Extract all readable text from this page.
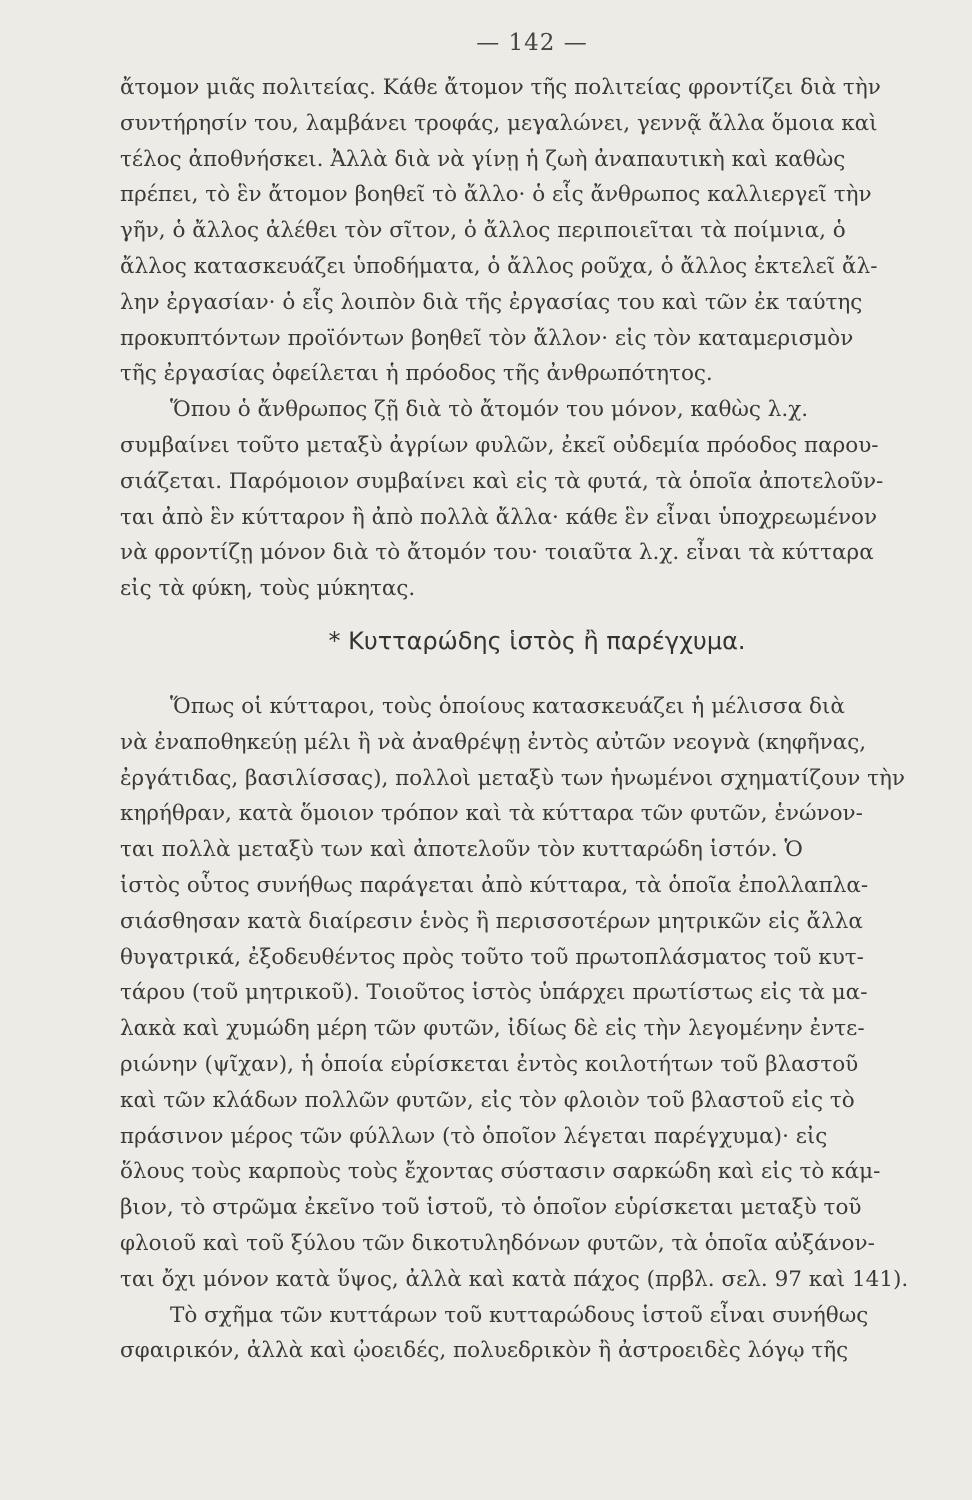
— 142 —

ἄτομον μιᾶς πολιτείας. Κάθε ἄτομον τῆς πολιτείας φροντίζει διὰ τὴν
συντήρησίν του, λαμβάνει τροφάς, μεγαλώνει, γεννᾷ ἄλλα ὅμοια καὶ
τέλος ἀποθνήσκει. Ἀλλὰ διὰ νὰ γίνῃ ἡ ζωὴ ἀναπαυτικὴ καὶ καθὼς
πρέπει, τὸ ἓν ἄτομον βοηθεῖ τὸ ἄλλο· ὁ εἷς ἄνθρωπος καλλιεργεῖ τὴν
γῆν, ὁ ἄλλος ἀλέθει τὸν σῖτον, ὁ ἄλλος περιποιεῖται τὰ ποίμνια, ὁ
ἄλλος κατασκευάζει ὑποδήματα, ὁ ἄλλος ροῦχα, ὁ ἄλλος ἐκτελεῖ ἄλ-
λην ἐργασίαν· ὁ εἷς λοιπὸν διὰ τῆς ἐργασίας του καὶ τῶν ἐκ ταύτης
προκυπτόντων προϊόντων βοηθεῖ τὸν ἄλλον· εἰς τὸν καταμερισμὸν
τῆς ἐργασίας ὀφείλεται ἡ πρόοδος τῆς ἀνθρωπότητος.

Ὅπου ὁ ἄνθρωπος ζῇ διὰ τὸ ἄτομόν του μόνον, καθὼς λ.χ.
συμβαίνει τοῦτο μεταξὺ ἀγρίων φυλῶν, ἐκεῖ οὐδεμία πρόοδος παρου-
σιάζεται. Παρόμοιον συμβαίνει καὶ εἰς τὰ φυτά, τὰ ὁποῖα ἀποτελοῦν-
ται ἀπὸ ἓν κύτταρον ἢ ἀπὸ πολλὰ ἄλλα· κάθε ἓν εἶναι ὑποχρεωμένον
νὰ φροντίζῃ μόνον διὰ τὸ ἄτομόν του· τοιαῦτα λ.χ. εἶναι τὰ κύτταρα
εἰς τὰ φύκη, τοὺς μύκητας.

* Κυτταρώδης ἱστὸς ἢ παρέγχυμα.

Ὅπως οἱ κύτταροι, τοὺς ὁποίους κατασκευάζει ἡ μέλισσα διὰ
νὰ ἐναποθηκεύῃ μέλι ἢ νὰ ἀναθρέψῃ ἐντὸς αὐτῶν νεογνὰ (κηφῆνας,
ἐργάτιδας, βασιλίσσας), πολλοὶ μεταξὺ των ἡνωμένοι σχηματίζουν τὴν
κηρήθραν, κατὰ ὅμοιον τρόπον καὶ τὰ κύτταρα τῶν φυτῶν, ἑνώνον-
ται πολλὰ μεταξὺ των καὶ ἀποτελοῦν τὸν κυτταρώδη ἱστόν. Ὁ
ἱστὸς οὗτος συνήθως παράγεται ἀπὸ κύτταρα, τὰ ὁποῖα ἐπολλαπλα-
σιάσθησαν κατὰ διαίρεσιν ἑνὸς ἢ περισσοτέρων μητρικῶν εἰς ἄλλα
θυγατρικά, ἐξοδευθέντος πρὸς τοῦτο τοῦ πρωτοπλάσματος τοῦ κυτ-
τάρου (τοῦ μητρικοῦ). Τοιοῦτος ἱστὸς ὑπάρχει πρωτίστως εἰς τὰ μα-
λακὰ καὶ χυμώδη μέρη τῶν φυτῶν, ἰδίως δὲ εἰς τὴν λεγομένην ἐντε-
ριώνην (ψῖχαν), ἡ ὁποία εὑρίσκεται ἐντὸς κοιλοτήτων τοῦ βλαστοῦ
καὶ τῶν κλάδων πολλῶν φυτῶν, εἰς τὸν φλοιὸν τοῦ βλαστοῦ εἰς τὸ
πράσινον μέρος τῶν φύλλων (τὸ ὁποῖον λέγεται παρέγχυμα)· εἰς
ὅλους τοὺς καρποὺς τοὺς ἔχοντας σύστασιν σαρκώδη καὶ εἰς τὸ κάμ-
βιον, τὸ στρῶμα ἐκεῖνο τοῦ ἱστοῦ, τὸ ὁποῖον εὑρίσκεται μεταξὺ τοῦ
φλοιοῦ καὶ τοῦ ξύλου τῶν δικοτυληδόνων φυτῶν, τὰ ὁποῖα αὐξάνον-
ται ὄχι μόνον κατὰ ὕψος, ἀλλὰ καὶ κατὰ πάχος (πρβλ. σελ. 97 καὶ 141).

Τὸ σχῆμα τῶν κυττάρων τοῦ κυτταρώδους ἱστοῦ εἶναι συνήθως
σφαιρικόν, ἀλλὰ καὶ ᾠοειδές, πολυεδρικὸν ἢ ἀστροειδὲς λόγῳ τῆς
